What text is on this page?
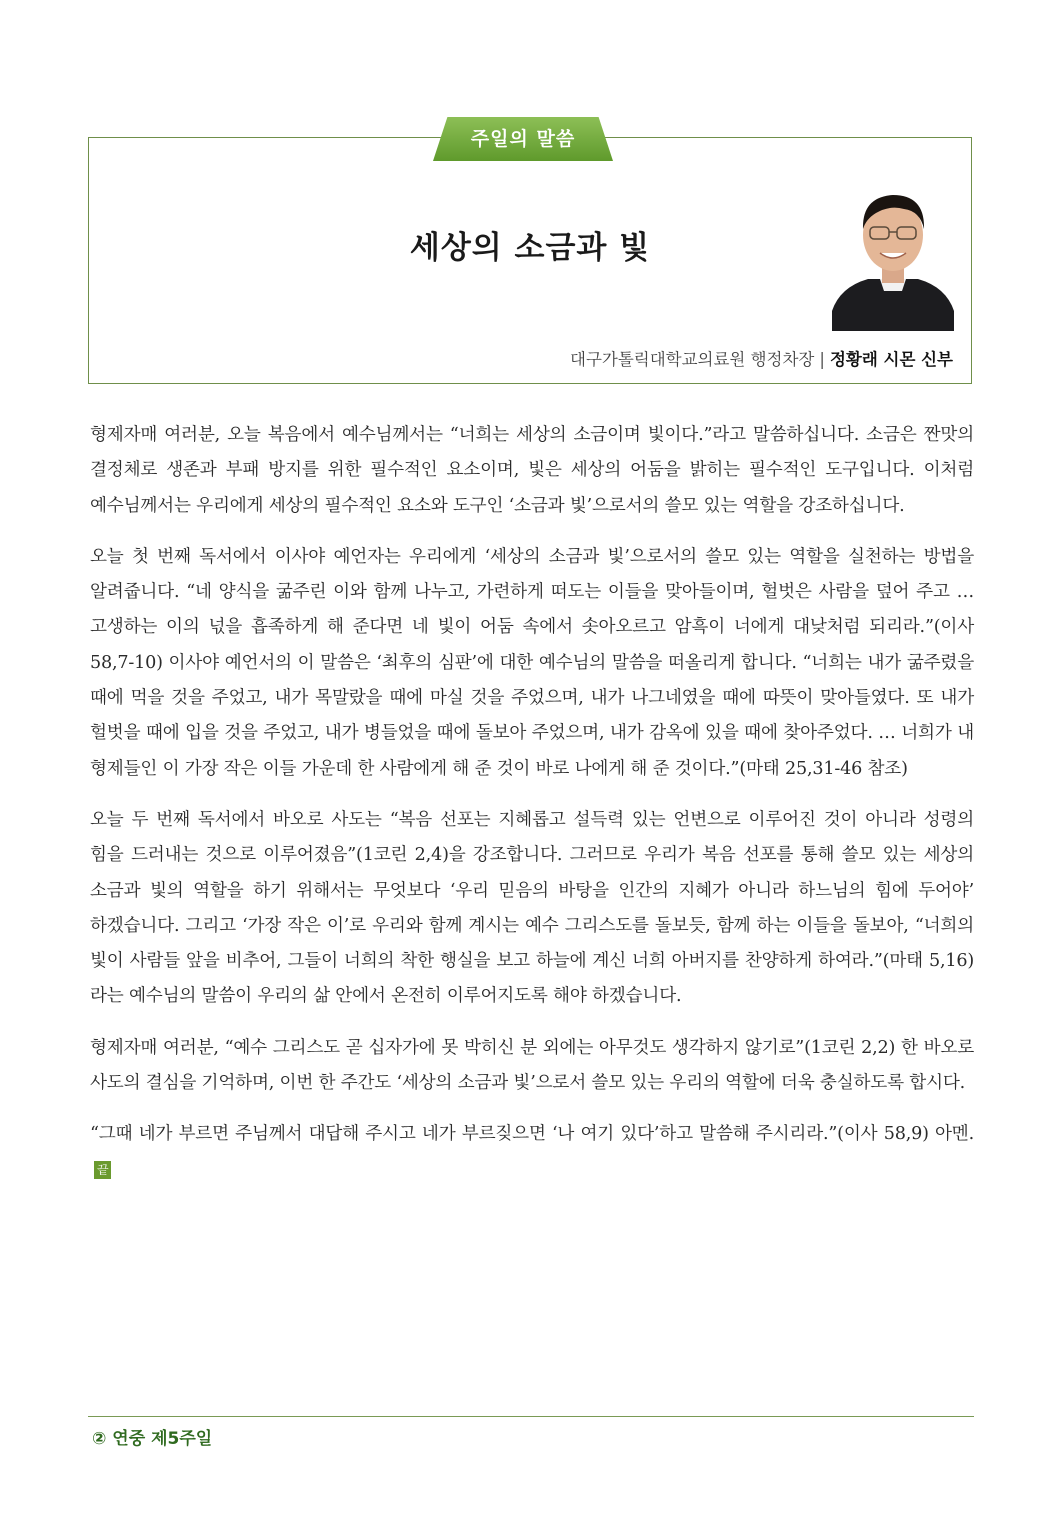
주일의 말씀
세상의 소금과 빛
대구가톨릭대학교의료원 행정차장 | 정황래 시몬 신부

형제자매 여러분, 오늘 복음에서 예수님께서는 “너희는 세상의 소금이며 빛이다.”라고 말씀하십니다. 소금은 짠맛의 결정체로 생존과 부패 방지를 위한 필수적인 요소이며, 빛은 세상의 어둠을 밝히는 필수적인 도구입니다. 이처럼 예수님께서는 우리에게 세상의 필수적인 요소와 도구인 ‘소금과 빛’으로서의 쓸모 있는 역할을 강조하십니다.

오늘 첫 번째 독서에서 이사야 예언자는 우리에게 ‘세상의 소금과 빛’으로서의 쓸모 있는 역할을 실천하는 방법을 알려줍니다. “네 양식을 굶주린 이와 함께 나누고, 가련하게 떠도는 이들을 맞아들이며, 헐벗은 사람을 덮어 주고 … 고생하는 이의 넋을 흡족하게 해 준다면 네 빛이 어둠 속에서 솟아오르고 암흑이 너에게 대낮처럼 되리라.”(이사 58,7-10) 이사야 예언서의 이 말씀은 ‘최후의 심판’에 대한 예수님의 말씀을 떠올리게 합니다. “너희는 내가 굶주렸을 때에 먹을 것을 주었고, 내가 목말랐을 때에 마실 것을 주었으며, 내가 나그네였을 때에 따뜻이 맞아들였다. 또 내가 헐벗을 때에 입을 것을 주었고, 내가 병들었을 때에 돌보아 주었으며, 내가 감옥에 있을 때에 찾아주었다. … 너희가 내 형제들인 이 가장 작은 이들 가운데 한 사람에게 해 준 것이 바로 나에게 해 준 것이다.”(마태 25,31-46 참조)

오늘 두 번째 독서에서 바오로 사도는 “복음 선포는 지혜롭고 설득력 있는 언변으로 이루어진 것이 아니라 성령의 힘을 드러내는 것으로 이루어졌음”(1코린 2,4)을 강조합니다. 그러므로 우리가 복음 선포를 통해 쓸모 있는 세상의 소금과 빛의 역할을 하기 위해서는 무엇보다 ‘우리 믿음의 바탕을 인간의 지혜가 아니라 하느님의 힘에 두어야’ 하겠습니다. 그리고 ‘가장 작은 이’로 우리와 함께 계시는 예수 그리스도를 돌보듯, 함께 하는 이들을 돌보아, “너희의 빛이 사람들 앞을 비추어, 그들이 너희의 착한 행실을 보고 하늘에 계신 너희 아버지를 찬양하게 하여라.”(마태 5,16)라는 예수님의 말씀이 우리의 삶 안에서 온전히 이루어지도록 해야 하겠습니다.

형제자매 여러분, “예수 그리스도 곧 십자가에 못 박히신 분 외에는 아무것도 생각하지 않기로”(1코린 2,2) 한 바오로 사도의 결심을 기억하며, 이번 한 주간도 ‘세상의 소금과 빛’으로서 쓸모 있는 우리의 역할에 더욱 충실하도록 합시다.

“그때 네가 부르면 주님께서 대답해 주시고 네가 부르짖으면 ‘나 여기 있다’하고 말씀해 주시리라.”(이사 58,9) 아멘.끝

② 연중 제5주일
